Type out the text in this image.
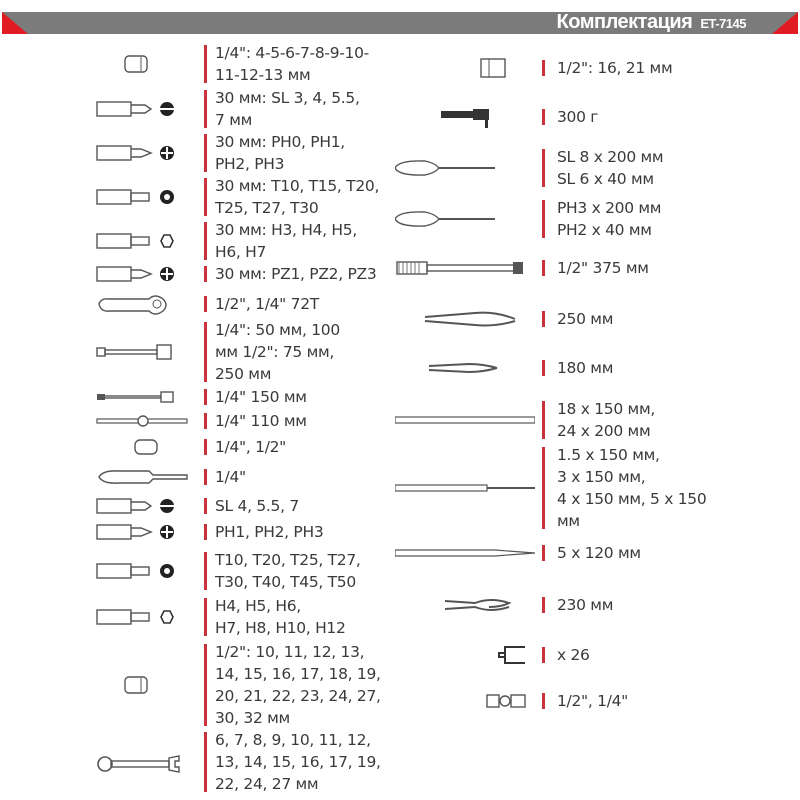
Комплектация ET-7145
1/4": 4-5-6-7-8-9-10-
11-12-13 мм
30 мм: SL 3, 4, 5.5,
7 мм
30 мм: PH0, PH1,
PH2, PH3
30 мм: T10, T15, T20,
T25, T27, T30
30 мм: H3, H4, H5,
H6, H7
30 мм: PZ1, PZ2, PZ3
1/2", 1/4" 72T
1/4": 50 мм, 100
мм 1/2": 75 мм,
250 мм
1/4" 150 мм
1/4" 110 мм
1/4", 1/2"
1/4"
SL 4, 5.5, 7
PH1, PH2, PH3
T10, T20, T25, T27,
T30, T40, T45, T50
H4, H5, H6,
H7, H8, H10, H12
1/2": 10, 11, 12, 13,
14, 15, 16, 17, 18, 19,
20, 21, 22, 23, 24, 27,
30, 32 мм
6, 7, 8, 9, 10, 11, 12,
13, 14, 15, 16, 17, 19,
22, 24, 27 мм
1/2": 16, 21 мм
300 г
SL 8 x 200 мм
SL 6 x 40 мм
PH3 x 200 мм
PH2 x 40 мм
1/2" 375 мм
250 мм
180 мм
18 x 150 мм,
24 x 200 мм
1.5 x 150 мм,
3 x 150 мм,
4 x 150 мм, 5 x 150
мм
5 x 120 мм
230 мм
x 26
1/2", 1/4"
